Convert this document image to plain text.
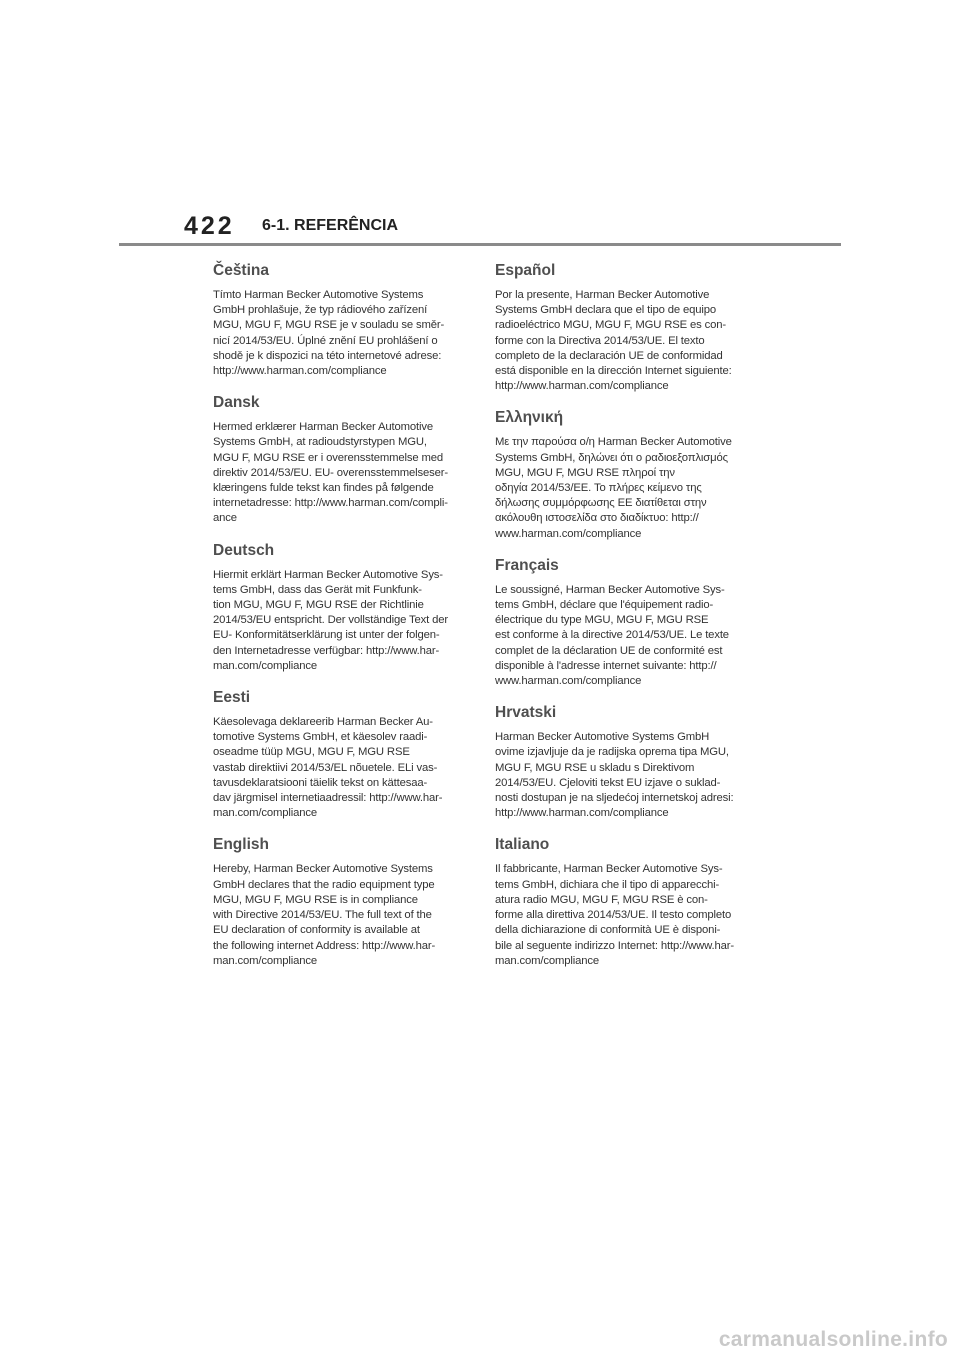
422 6-1. REFERÊNCIA
Čeština

Tímto Harman Becker Automotive Systems
GmbH prohlašuje, že typ rádiového zařízení
MGU, MGU F, MGU RSE je v souladu se směr-
nicí 2014/53/EU. Úplné znění EU prohlášení o
shodě je k dispozici na této internetové adrese:
http://www.harman.com/compliance

Dansk

Hermed erklærer Harman Becker Automotive
Systems GmbH, at radioudstyrstypen MGU,
MGU F, MGU RSE er i overensstemmelse med
direktiv 2014/53/EU. EU- overensstemmelseser-
klæringens fulde tekst kan findes på følgende
internetadresse: http://www.harman.com/compli-
ance

Deutsch

Hiermit erklärt Harman Becker Automotive Sys-
tems GmbH, dass das Gerät mit Funkfunk-
tion MGU, MGU F, MGU RSE der Richtlinie
2014/53/EU entspricht. Der vollständige Text der
EU- Konformitätserklärung ist unter der folgen-
den Internetadresse verfügbar: http://www.har-
man.com/compliance

Eesti

Käesolevaga deklareerib Harman Becker Au-
tomotive Systems GmbH, et käesolev raadi-
oseadme tüüp MGU, MGU F, MGU RSE
vastab direktiivi 2014/53/EL nõuetele. ELi vas-
tavusdeklaratsiooni täielik tekst on kättesaa-
dav järgmisel internetiaadressil: http://www.har-
man.com/compliance

English

Hereby, Harman Becker Automotive Systems
GmbH declares that the radio equipment type
MGU, MGU F, MGU RSE is in compliance
with Directive 2014/53/EU. The full text of the
EU declaration of conformity is available at
the following internet Address: http://www.har-
man.com/compliance

Español

Por la presente, Harman Becker Automotive
Systems GmbH declara que el tipo de equipo
radioeléctrico MGU, MGU F, MGU RSE es con-
forme con la Directiva 2014/53/UE. El texto
completo de la declaración UE de conformidad
está disponible en la dirección Internet siguiente:
http://www.harman.com/compliance

Ελληνική

Με την παρούσα ο/η Harman Becker Automotive
Systems GmbH, δηλώνει ότι ο ραδιοεξοπλισμός
MGU, MGU F, MGU RSE πληροί την
οδηγία 2014/53/ΕΕ. Το πλήρες κείμενο της
δήλωσης συμμόρφωσης ΕΕ διατίθεται στην
ακόλουθη ιστοσελίδα στο διαδίκτυο: http://
www.harman.com/compliance

Français

Le soussigné, Harman Becker Automotive Sys-
tems GmbH, déclare que l'équipement radio-
électrique du type MGU, MGU F, MGU RSE
est conforme à la directive 2014/53/UE. Le texte
complet de la déclaration UE de conformité est
disponible à l'adresse internet suivante: http://
www.harman.com/compliance

Hrvatski

Harman Becker Automotive Systems GmbH
ovime izjavljuje da je radijska oprema tipa MGU,
MGU F, MGU RSE u skladu s Direktivom
2014/53/EU. Cjeloviti tekst EU izjave o suklad-
nosti dostupan je na sljedećoj internetskoj adresi:
http://www.harman.com/compliance

Italiano

Il fabbricante, Harman Becker Automotive Sys-
tems GmbH, dichiara che il tipo di apparecchi-
atura radio MGU, MGU F, MGU RSE è con-
forme alla direttiva 2014/53/UE. Il testo completo
della dichiarazione di conformità UE è disponi-
bile al seguente indirizzo Internet: http://www.har-
man.com/compliance

carmanualsonline.info
